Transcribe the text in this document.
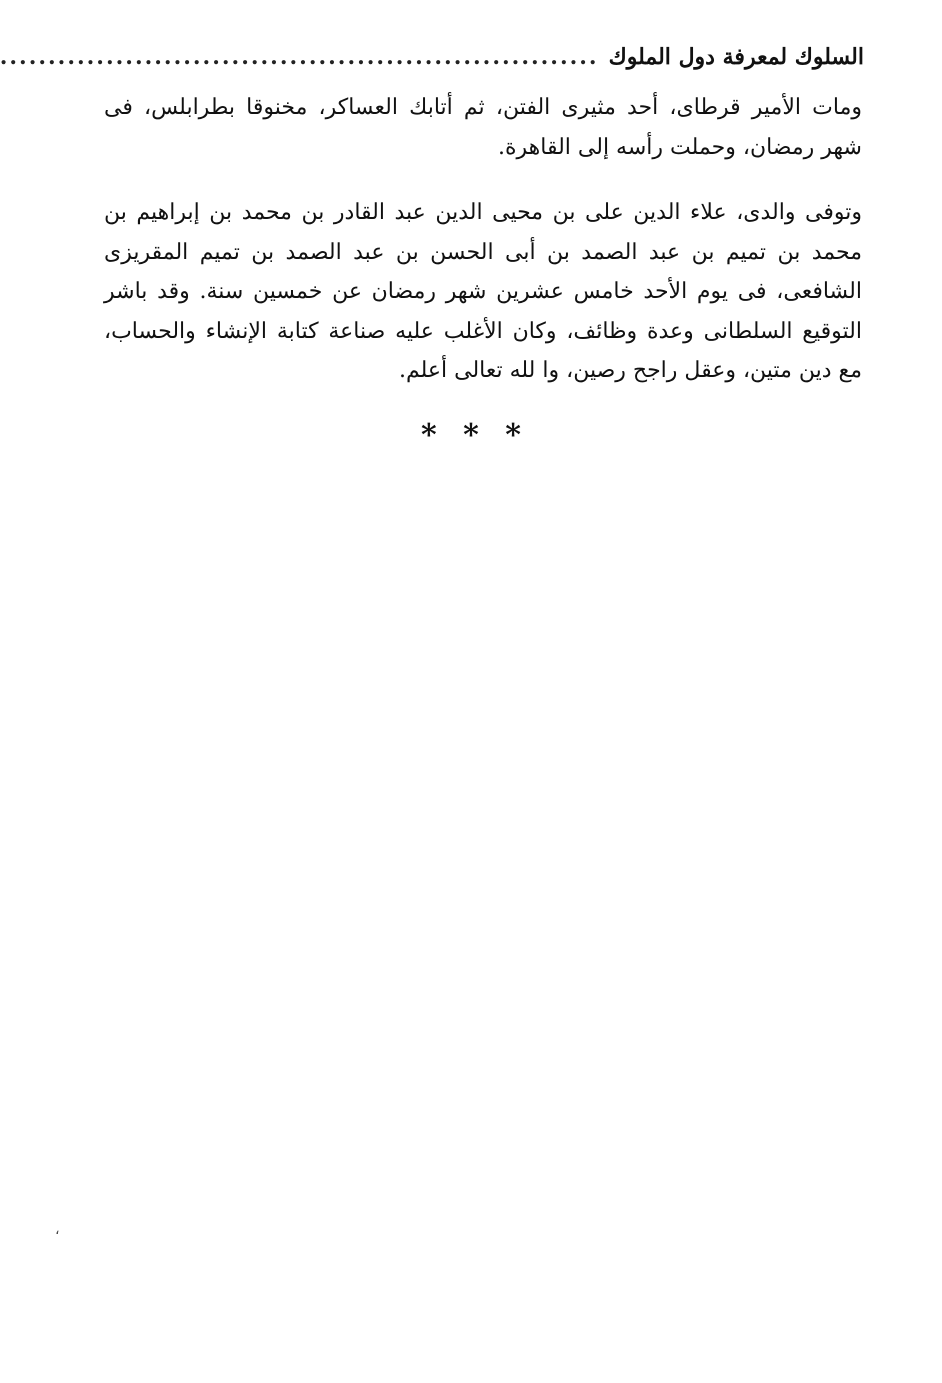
السلوك لمعرفة دول الملوك
..............................................................

ومات الأمير قرطاى، أحد مثيرى الفتن، ثم أتابك العساكر، مخنوقا بطرابلس، فى شهر رمضان، وحملت رأسه إلى القاهرة.

وتوفى والدى، علاء الدين على بن محيى الدين عبد القادر بن محمد بن إبراهيم بن محمد بن تميم بن عبد الصمد بن أبى الحسن بن عبد الصمد بن تميم المقريزى الشافعى، فى يوم الأحد خامس عشرين شهر رمضان عن خمسين سنة. وقد باشر التوقيع السلطانى وعدة وظائف، وكان الأغلب عليه صناعة كتابة الإنشاء والحساب، مع دين متين، وعقل راجح رصين، وا لله تعالى أعلم.

* * *
،
